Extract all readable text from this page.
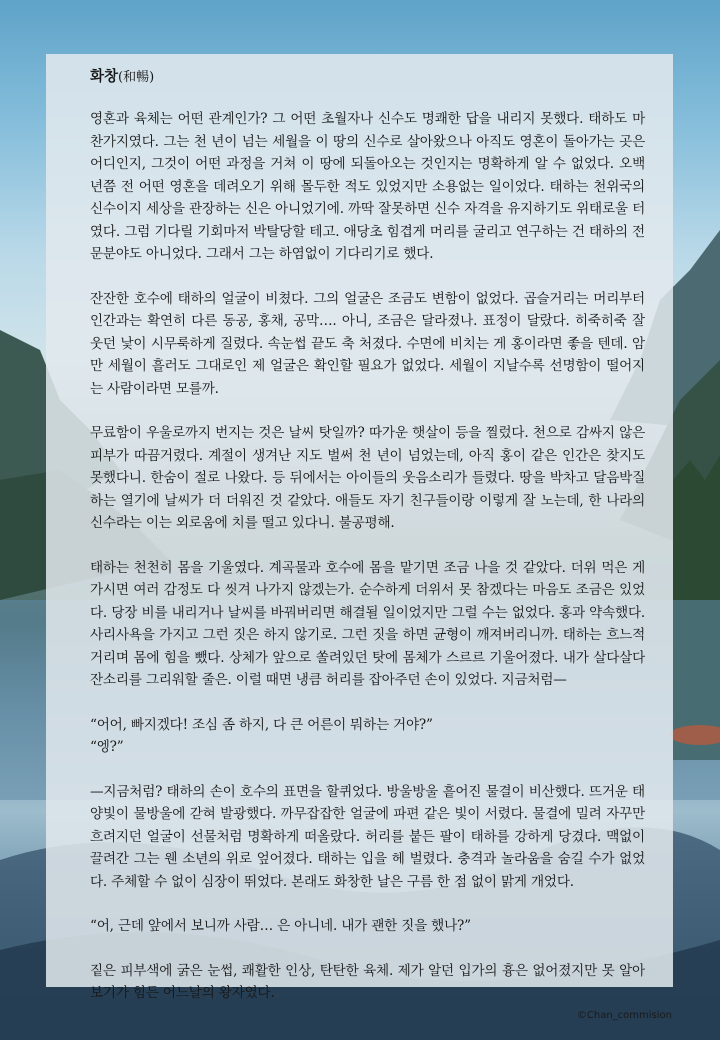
화창(和暢)

영혼과 육체는 어떤 관계인가? 그 어떤 초월자나 신수도 명쾌한 답을 내리지 못했다. 태하도 마찬가지였다. 그는 천 년이 넘는 세월을 이 땅의 신수로 살아왔으나 아직도 영혼이 돌아가는 곳은 어디인지, 그것이 어떤 과정을 거쳐 이 땅에 되돌아오는 것인지는 명확하게 알 수 없었다. 오백 년쯤 전 어떤 영혼을 데려오기 위해 몰두한 적도 있었지만 소용없는 일이었다. 태하는 천위국의 신수이지 세상을 관장하는 신은 아니었기에. 까딱 잘못하면 신수 자격을 유지하기도 위태로울 터였다. 그럼 기다릴 기회마저 박탈당할 테고. 애당초 힘겹게 머리를 굴리고 연구하는 건 태하의 전문분야도 아니었다. 그래서 그는 하염없이 기다리기로 했다.

잔잔한 호수에 태하의 얼굴이 비쳤다. 그의 얼굴은 조금도 변함이 없었다. 곱슬거리는 머리부터 인간과는 확연히 다른 동공, 홍채, 공막…. 아니, 조금은 달라졌나. 표정이 달랐다. 히죽히죽 잘 웃던 낯이 시무룩하게 질렸다. 속눈썹 끝도 축 처졌다. 수면에 비치는 게 홍이라면 좋을 텐데. 암만 세월이 흘러도 그대로인 제 얼굴은 확인할 필요가 없었다. 세월이 지날수록 선명함이 떨어지는 사람이라면 모를까.

무료함이 우울로까지 번지는 것은 날씨 탓일까? 따가운 햇살이 등을 찔렀다. 천으로 감싸지 않은 피부가 따끔거렸다. 계절이 생겨난 지도 벌써 천 년이 넘었는데, 아직 홍이 같은 인간은 찾지도 못했다니. 한숨이 절로 나왔다. 등 뒤에서는 아이들의 웃음소리가 들렸다. 땅을 박차고 달음박질하는 열기에 날씨가 더 더워진 것 같았다. 애들도 자기 친구들이랑 이렇게 잘 노는데, 한 나라의 신수라는 이는 외로움에 치를 떨고 있다니. 불공평해.

태하는 천천히 몸을 기울였다. 계곡물과 호수에 몸을 맡기면 조금 나을 것 같았다. 더위 먹은 게 가시면 여러 감정도 다 씻겨 나가지 않겠는가. 순수하게 더위서 못 참겠다는 마음도 조금은 있었다. 당장 비를 내리거나 날씨를 바꿔버리면 해결될 일이었지만 그럴 수는 없었다. 홍과 약속했다. 사리사욕을 가지고 그런 짓은 하지 않기로. 그런 짓을 하면 균형이 깨져버리니까. 태하는 흐느적거리며 몸에 힘을 뺐다. 상체가 앞으로 쏠려있던 탓에 몸체가 스르르 기울어졌다. 내가 살다살다 잔소리를 그리워할 줄은. 이럴 때면 냉큼 허리를 잡아주던 손이 있었다. 지금처럼—

“어어, 빠지겠다! 조심 좀 하지, 다 큰 어른이 뭐하는 거야?”

“엥?”

—지금처럼? 태하의 손이 호수의 표면을 할퀴었다. 방울방울 흩어진 물결이 비산했다. 뜨거운 태양빛이 물방울에 갇혀 발광했다. 까무잡잡한 얼굴에 파편 같은 빛이 서렸다. 물결에 밀려 자꾸만 흐려지던 얼굴이 선물처럼 명확하게 떠올랐다. 허리를 붙든 팔이 태하를 강하게 당겼다. 맥없이 끌려간 그는 웬 소년의 위로 엎어졌다. 태하는 입을 헤 벌렸다. 충격과 놀라움을 숨길 수가 없었다. 주체할 수 없이 심장이 뛰었다. 본래도 화창한 날은 구름 한 점 없이 맑게 개었다.

“어, 근데 앞에서 보니까 사람… 은 아니네. 내가 괜한 짓을 했나?”

짙은 피부색에 굵은 눈썹, 쾌활한 인상, 탄탄한 육체. 제가 알던 입가의 흉은 없어졌지만 못 알아보기가 힘든 어느날의 왕자였다.

©Chan_commision
